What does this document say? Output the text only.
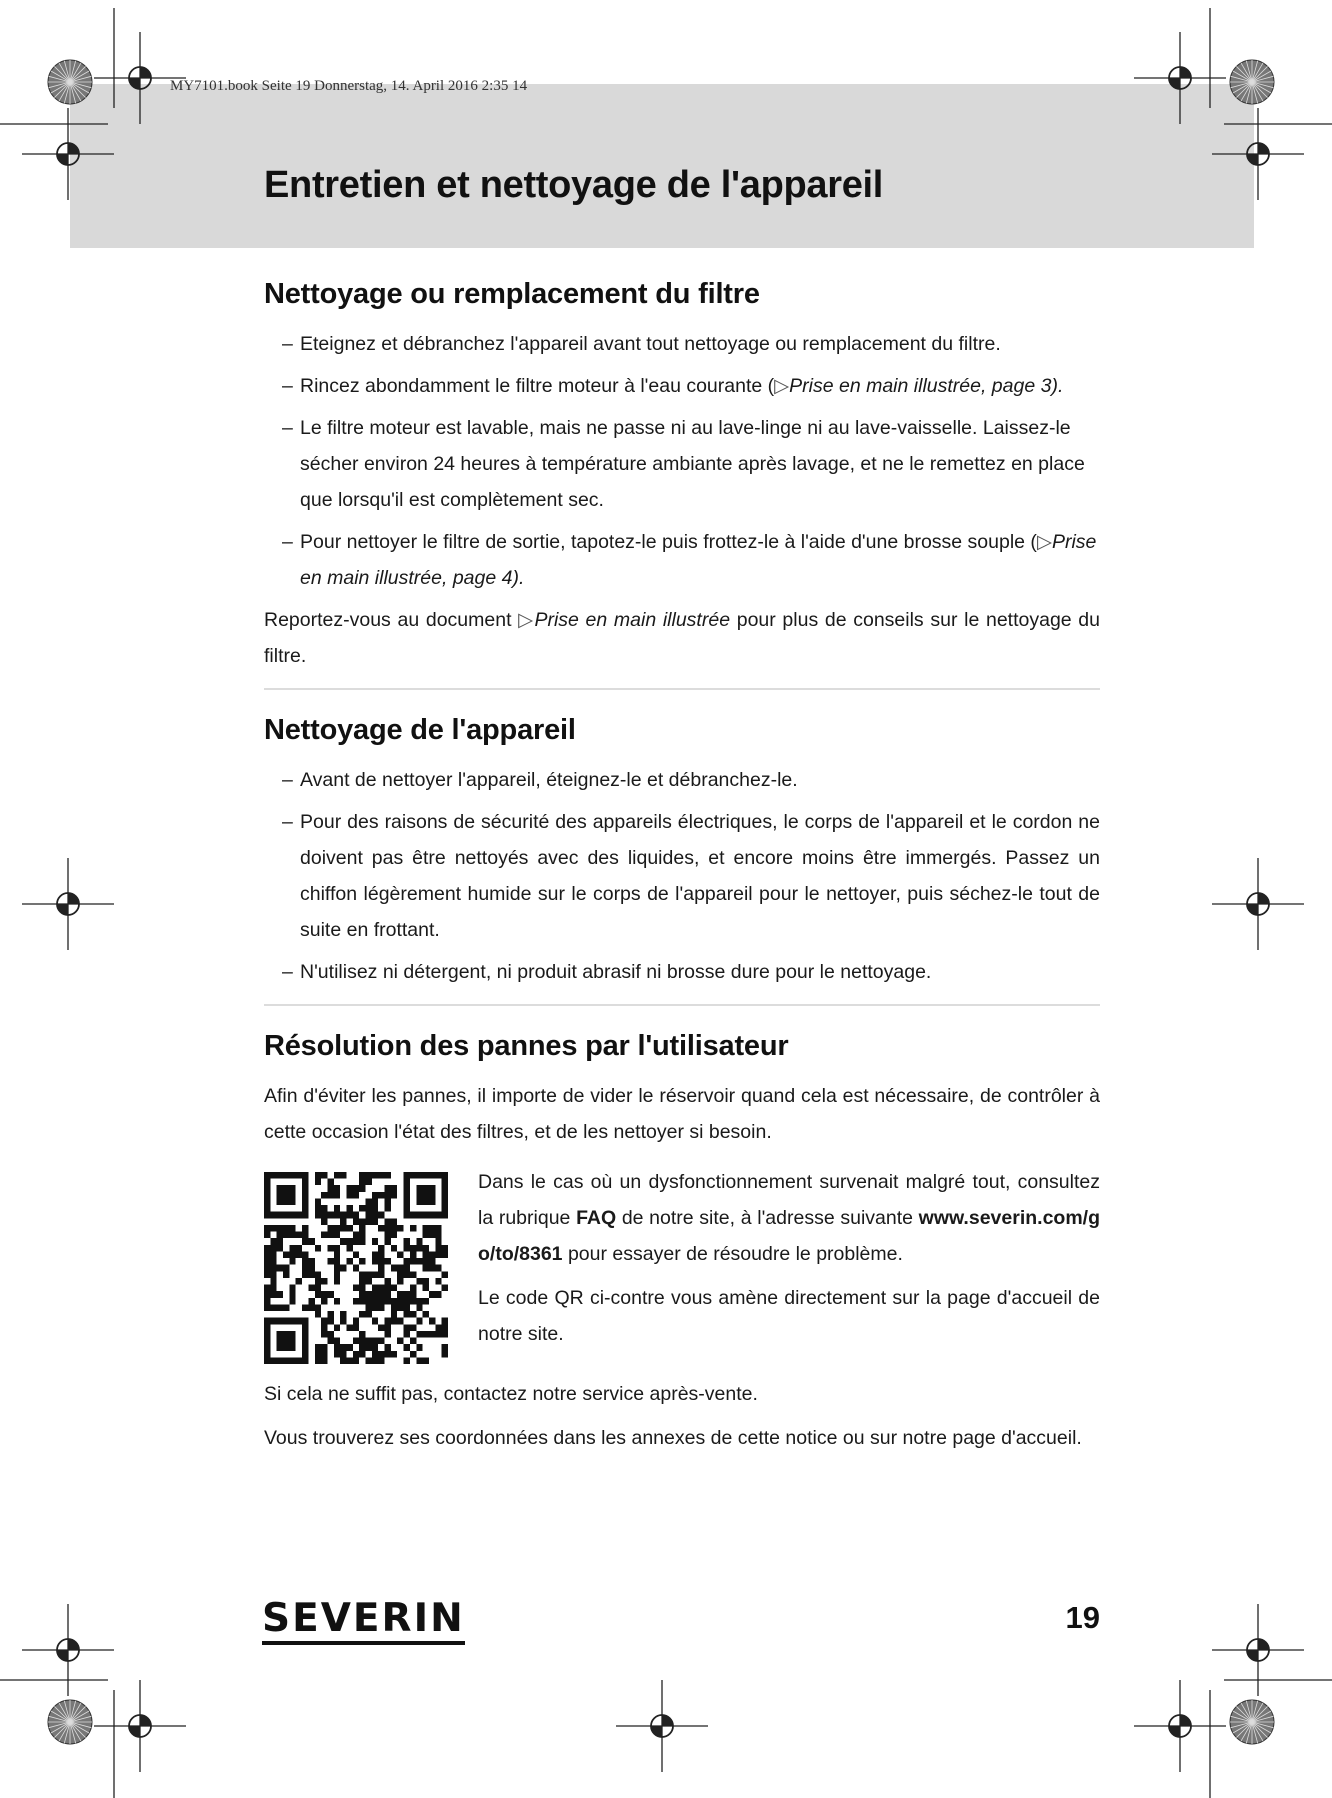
MY7101.book Seite 19 Donnerstag, 14. April 2016 2:35 14
Entretien et nettoyage de l'appareil
Nettoyage ou remplacement du filtre

– Eteignez et débranchez l'appareil avant tout nettoyage ou remplacement du filtre.

– Rincez abondamment le filtre moteur à l'eau courante (▷Prise en main illustrée, page 3).

– Le filtre moteur est lavable, mais ne passe ni au lave-linge ni au lave-vaisselle. Laissez-le sécher environ 24 heures à température ambiante après lavage, et ne le remettez en place que lorsqu'il est complètement sec.

– Pour nettoyer le filtre de sortie, tapotez-le puis frottez-le à l'aide d'une brosse souple (▷Prise en main illustrée, page 4).

Reportez-vous au document ▷Prise en main illustrée pour plus de conseils sur le nettoyage du filtre.

Nettoyage de l'appareil

– Avant de nettoyer l'appareil, éteignez-le et débranchez-le.

– Pour des raisons de sécurité des appareils électriques, le corps de l'appareil et le cordon ne doivent pas être nettoyés avec des liquides, et encore moins être immergés. Passez un chiffon légèrement humide sur le corps de l'appareil pour le nettoyer, puis séchez-le tout de suite en frottant.

– N'utilisez ni détergent, ni produit abrasif ni brosse dure pour le nettoyage.

Résolution des pannes par l'utilisateur

Afin d'éviter les pannes, il importe de vider le réservoir quand cela est nécessaire, de contrôler à cette occasion l'état des filtres, et de les nettoyer si besoin.

Dans le cas où un dysfonctionnement survenait malgré tout, consultez la rubrique FAQ de notre site, à l'adresse suivante www.severin.com/go/to/8361 pour essayer de résoudre le problème.

Le code QR ci-contre vous amène directement sur la page d'accueil de notre site.

Si cela ne suffit pas, contactez notre service après-vente.

Vous trouverez ses coordonnées dans les annexes de cette notice ou sur notre page d'accueil.

SEVERIN	19
